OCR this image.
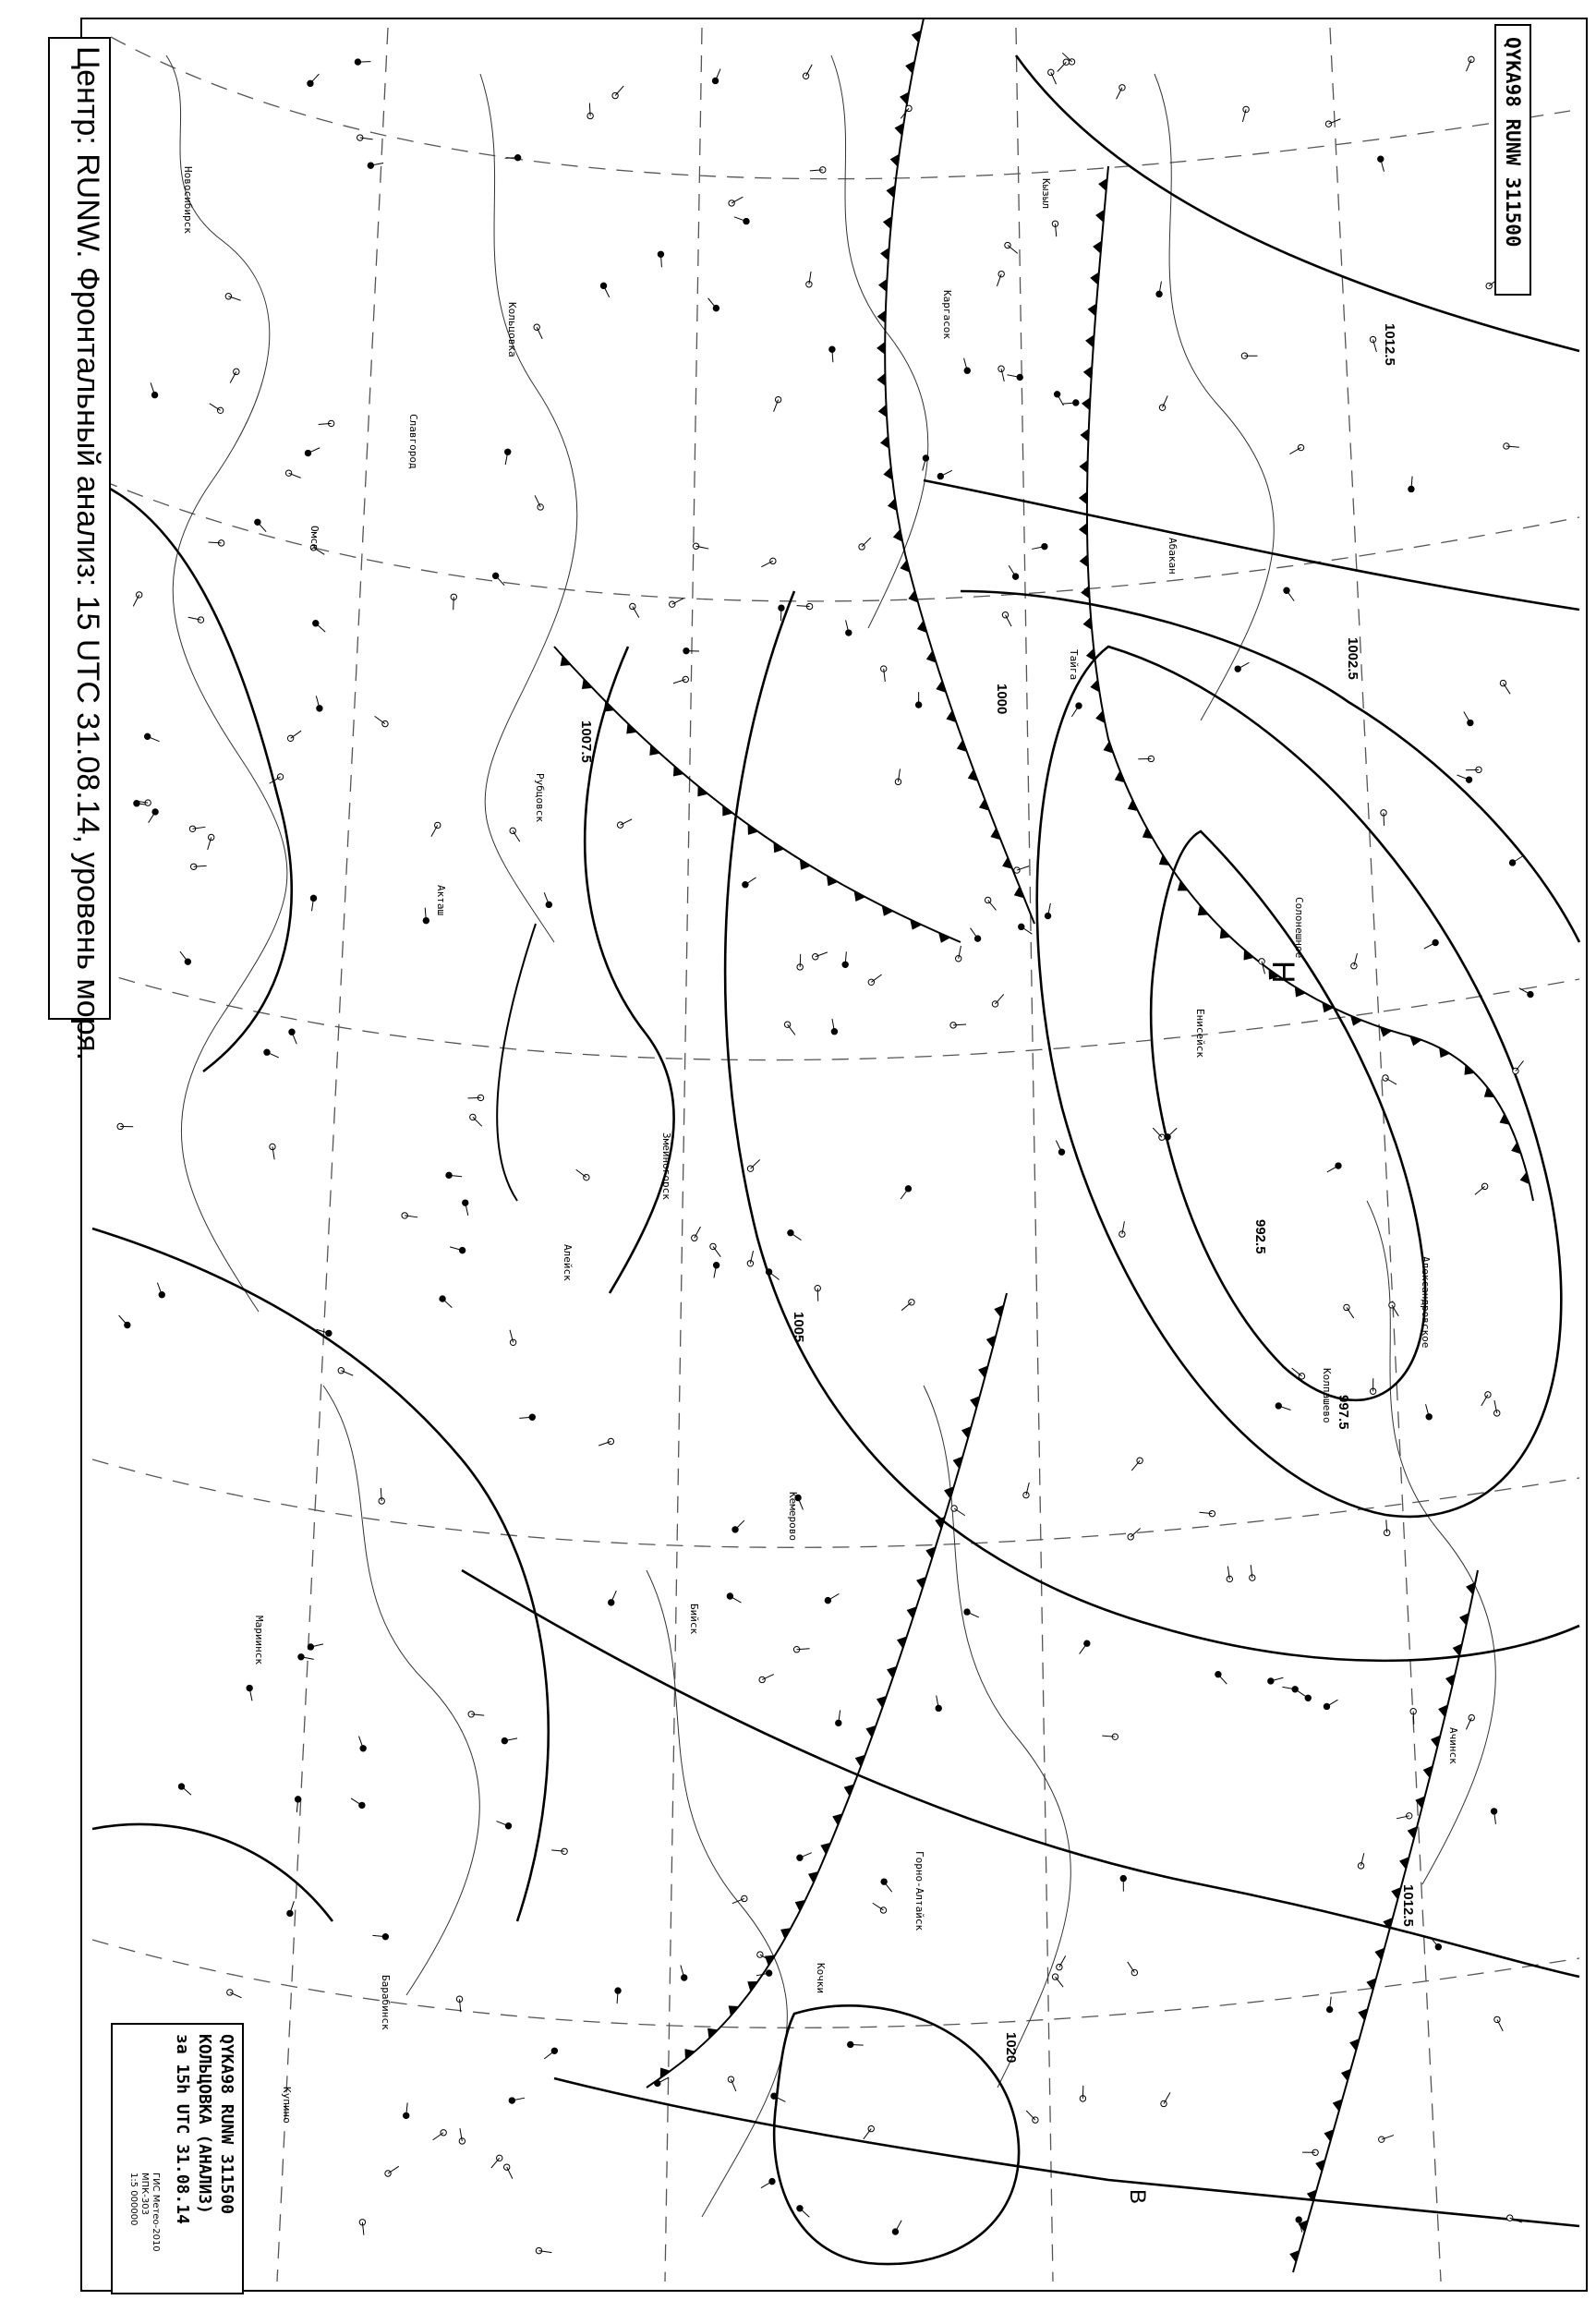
Новосибирск
Омск
Акташ
Алейск
Бийск
Кочки
Каргасок
Тайга
Енисейск
Колпашево
Ачинск
Купино
Славгород
Рубцовск
Змеиногорск
Кемерово
Горно-Алтайск
Кызыл
Абакан
Солонешное
Александровское
Мариинск
Барабинск
Кольцовка
992.5
997.5
1000
1002.5
1005
1007.5
1012.5
1012.5
1020
Н
В
Центр: RUNW. Фронтальный анализ: 15 UTC 31.08.14, уровень моря.	QYKA98 RUNW 311500
QYKA98 RUNW 311500
КОЛЬЦОВКА (АНАЛИЗ)
за 15h UTC 31.08.14
ГИС Метео-2010
МПК-303
1:5 000000
